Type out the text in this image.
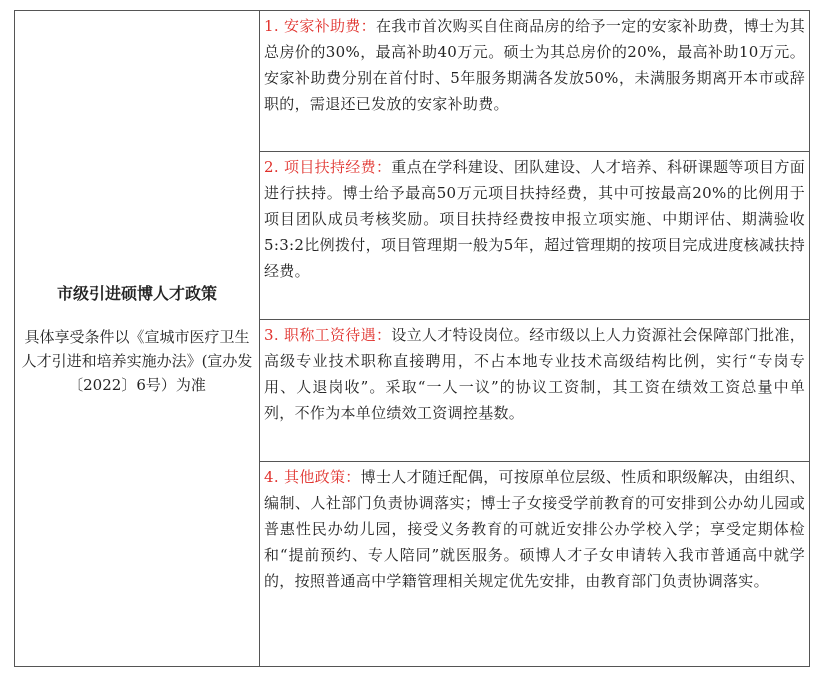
市级引进硕博人才政策
具体享受条件以《宣城市医疗卫生人才引进和培养实施办法》(宣办发〔2022〕6号）为准

1. 安家补助费：在我市首次购买自住商品房的给予一定的安家补助费，博士为其总房价的30%，最高补助40万元。硕士为其总房价的20%，最高补助10万元。安家补助费分别在首付时、5年服务期满各发放50%，未满服务期离开本市或辞职的，需退还已发放的安家补助费。

2. 项目扶持经费：重点在学科建设、团队建设、人才培养、科研课题等项目方面进行扶持。博士给予最高50万元项目扶持经费，其中可按最高20%的比例用于项目团队成员考核奖励。项目扶持经费按申报立项实施、中期评估、期满验收5:3:2比例拨付，项目管理期一般为5年，超过管理期的按项目完成进度核减扶持经费。

3. 职称工资待遇：设立人才特设岗位。经市级以上人力资源社会保障部门批准，高级专业技术职称直接聘用，不占本地专业技术高级结构比例，实行“专岗专用、人退岗收”。采取“一人一议”的协议工资制，其工资在绩效工资总量中单列，不作为本单位绩效工资调控基数。

4. 其他政策：博士人才随迁配偶，可按原单位层级、性质和职级解决，由组织、编制、人社部门负责协调落实；博士子女接受学前教育的可安排到公办幼儿园或普惠性民办幼儿园，接受义务教育的可就近安排公办学校入学；享受定期体检和“提前预约、专人陪同”就医服务。硕博人才子女申请转入我市普通高中就学的，按照普通高中学籍管理相关规定优先安排，由教育部门负责协调落实。
